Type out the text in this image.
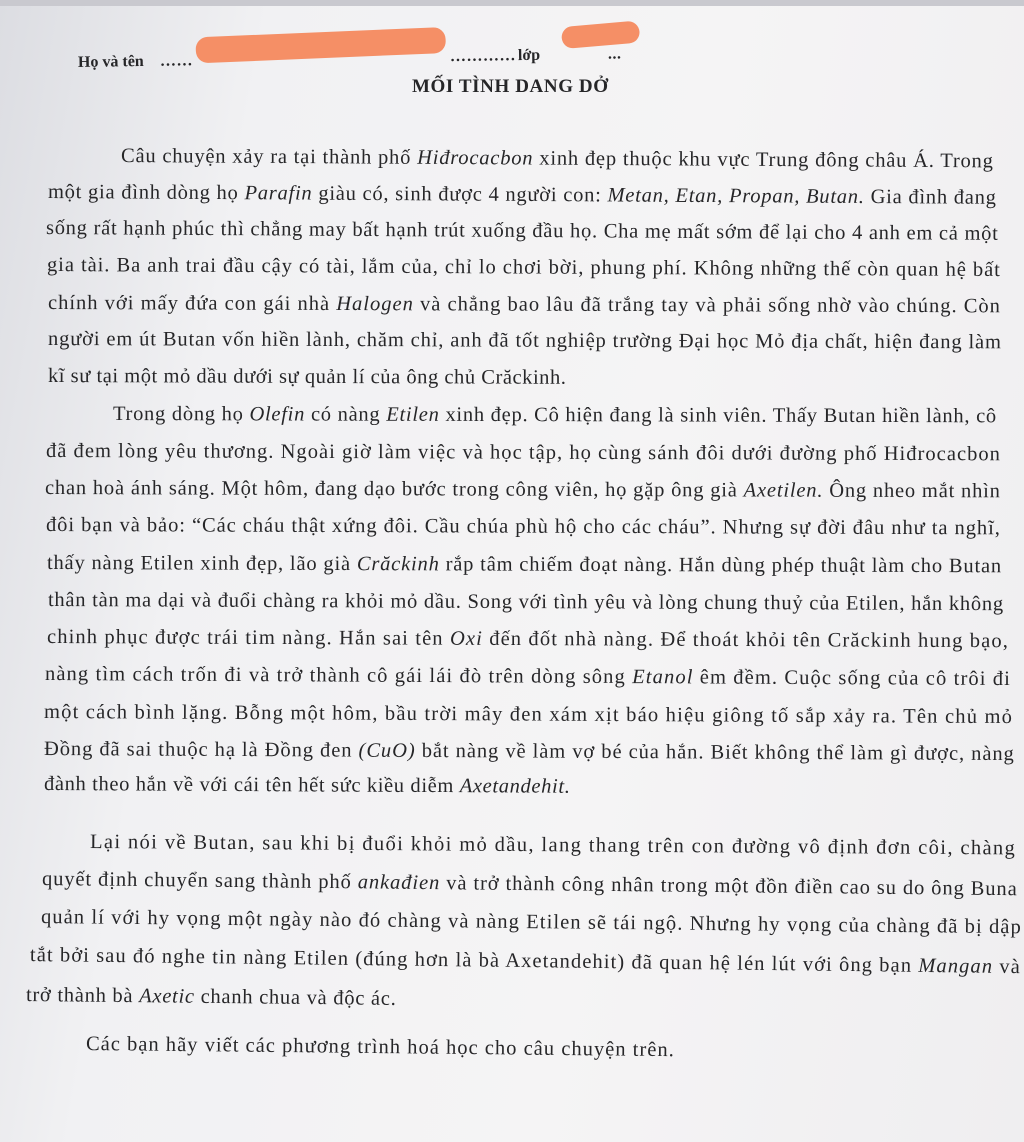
Họ và tên ……	………… lớp	...
MỐI TÌNH DANG DỞ
Câu chuyện xảy ra tại thành phố Hiđrocacbon xinh đẹp thuộc khu vực Trung đông châu Á. Trong
một gia đình dòng họ Parafin giàu có, sinh được 4 người con: Metan, Etan, Propan, Butan. Gia đình đang
sống rất hạnh phúc thì chẳng may bất hạnh trút xuống đầu họ. Cha mẹ mất sớm để lại cho 4 anh em cả một
gia tài. Ba anh trai đầu cậy có tài, lắm của, chỉ lo chơi bời, phung phí. Không những thế còn quan hệ bất
chính với mấy đứa con gái nhà Halogen và chẳng bao lâu đã trắng tay và phải sống nhờ vào chúng. Còn
người em út Butan vốn hiền lành, chăm chỉ, anh đã tốt nghiệp trường Đại học Mỏ địa chất, hiện đang làm
kĩ sư tại một mỏ dầu dưới sự quản lí của ông chủ Crăckinh.
Trong dòng họ Olefin có nàng Etilen xinh đẹp. Cô hiện đang là sinh viên. Thấy Butan hiền lành, cô
đã đem lòng yêu thương. Ngoài giờ làm việc và học tập, họ cùng sánh đôi dưới đường phố Hiđrocacbon
chan hoà ánh sáng. Một hôm, đang dạo bước trong công viên, họ gặp ông già Axetilen. Ông nheo mắt nhìn
đôi bạn và bảo: “Các cháu thật xứng đôi. Cầu chúa phù hộ cho các cháu”. Nhưng sự đời đâu như ta nghĩ,
thấy nàng Etilen xinh đẹp, lão già Crăckinh rắp tâm chiếm đoạt nàng. Hắn dùng phép thuật làm cho Butan
thân tàn ma dại và đuổi chàng ra khỏi mỏ dầu. Song với tình yêu và lòng chung thuỷ của Etilen, hắn không
chinh phục được trái tim nàng. Hắn sai tên Oxi đến đốt nhà nàng. Để thoát khỏi tên Crăckinh hung bạo,
nàng tìm cách trốn đi và trở thành cô gái lái đò trên dòng sông Etanol êm đềm. Cuộc sống của cô trôi đi
một cách bình lặng. Bỗng một hôm, bầu trời mây đen xám xịt báo hiệu giông tố sắp xảy ra. Tên chủ mỏ
Đồng đã sai thuộc hạ là Đồng đen (CuO) bắt nàng về làm vợ bé của hắn. Biết không thể làm gì được, nàng
đành theo hắn về với cái tên hết sức kiều diễm Axetandehit.
Lại nói về Butan, sau khi bị đuổi khỏi mỏ dầu, lang thang trên con đường vô định đơn côi, chàng
quyết định chuyển sang thành phố ankađien và trở thành công nhân trong một đồn điền cao su do ông Buna
quản lí với hy vọng một ngày nào đó chàng và nàng Etilen sẽ tái ngộ. Nhưng hy vọng của chàng đã bị dập
tắt bởi sau đó nghe tin nàng Etilen (đúng hơn là bà Axetandehit) đã quan hệ lén lút với ông bạn Mangan và
trở thành bà Axetic chanh chua và độc ác.
Các bạn hãy viết các phương trình hoá học cho câu chuyện trên.
